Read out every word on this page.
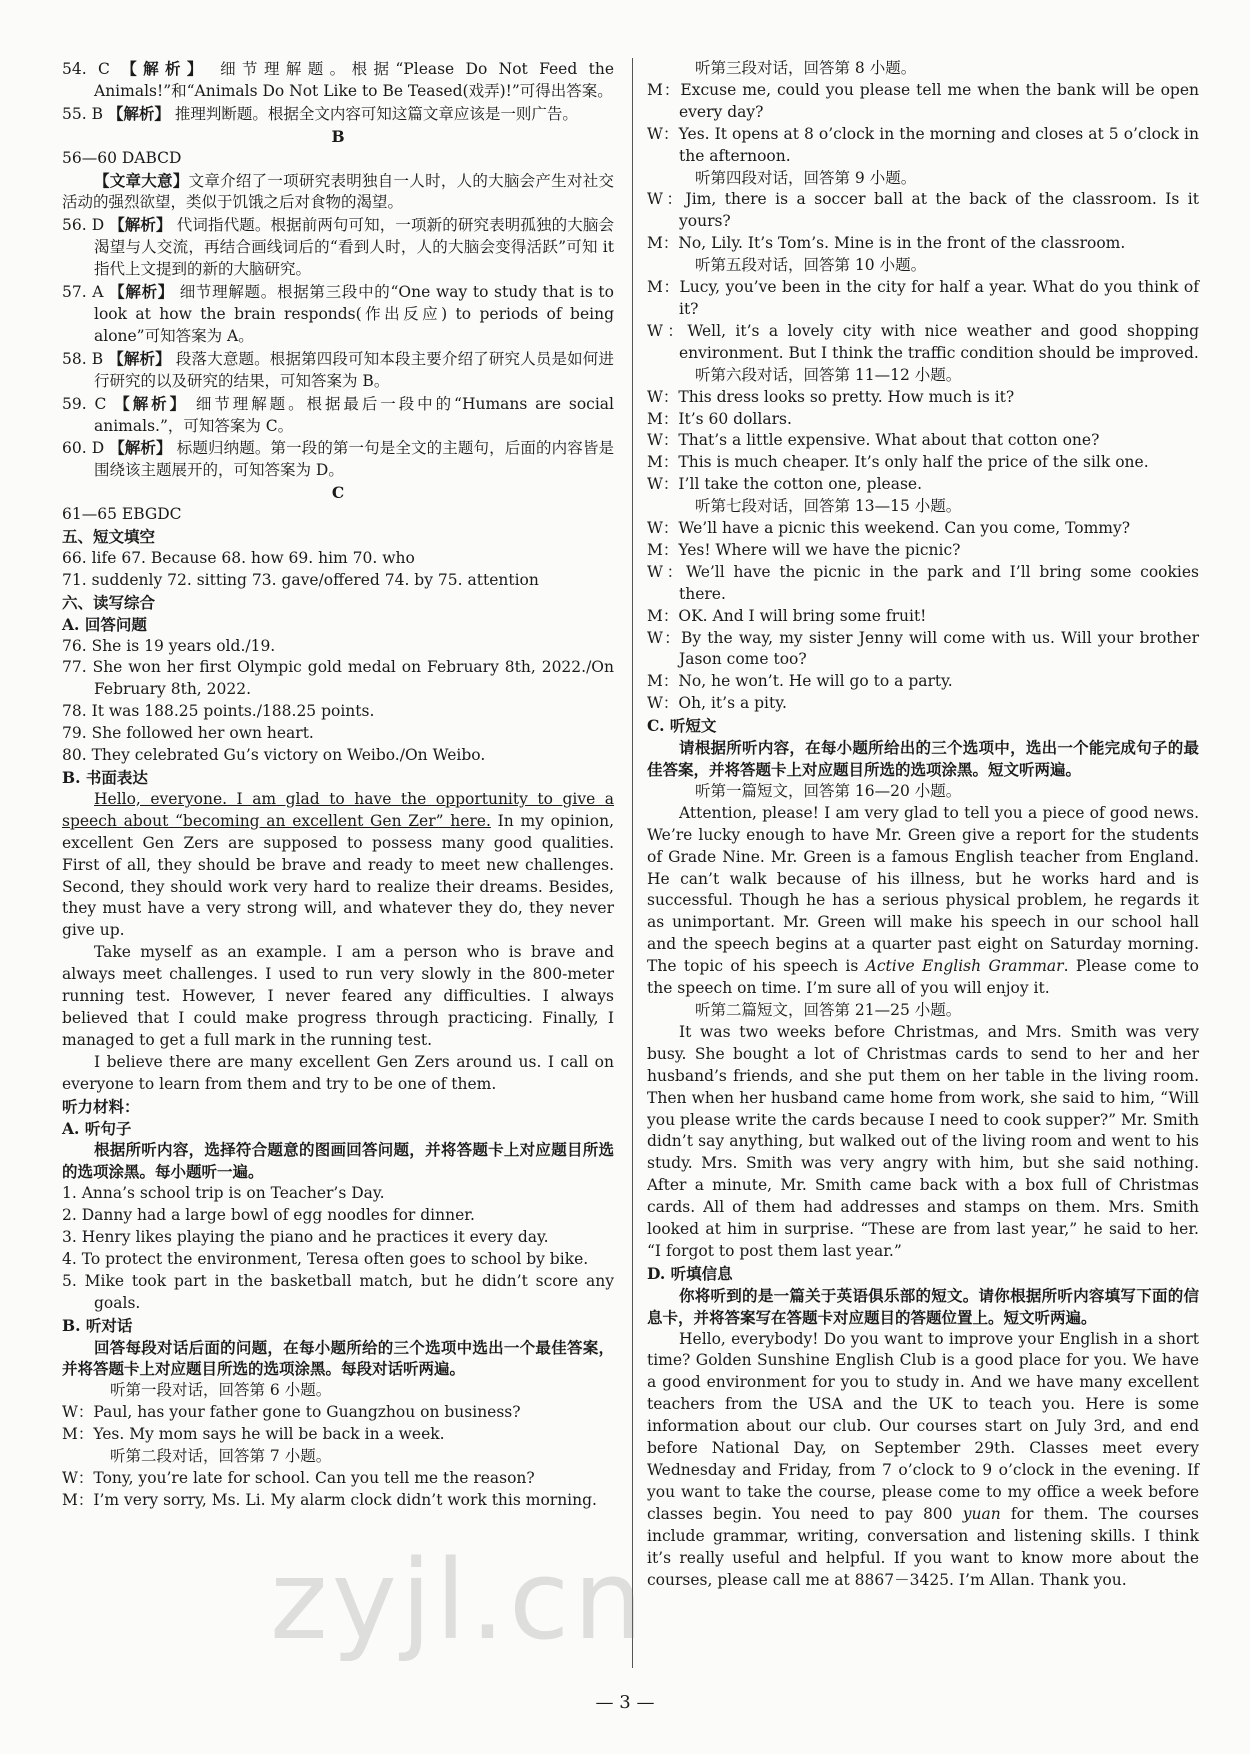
54. C 【解析】 细节理解题。根据“Please Do Not Feed the Animals!”和“Animals Do Not Like to Be Teased(戏弄)!”可得出答案。
55. B 【解析】 推理判断题。根据全文内容可知这篇文章应该是一则广告。
B
56—60 DABCD
【文章大意】文章介绍了一项研究表明独自一人时，人的大脑会产生对社交活动的强烈欲望，类似于饥饿之后对食物的渴望。
56. D 【解析】 代词指代题。根据前两句可知，一项新的研究表明孤独的大脑会渴望与人交流，再结合画线词后的“看到人时，人的大脑会变得活跃”可知 it 指代上文提到的新的大脑研究。
57. A 【解析】 细节理解题。根据第三段中的“One way to study that is to look at how the brain responds(作出反应) to periods of being alone”可知答案为 A。
58. B 【解析】 段落大意题。根据第四段可知本段主要介绍了研究人员是如何进行研究的以及研究的结果，可知答案为 B。
59. C 【解析】 细节理解题。根据最后一段中的“Humans are social animals.”，可知答案为 C。
60. D 【解析】 标题归纳题。第一段的第一句是全文的主题句，后面的内容皆是围绕该主题展开的，可知答案为 D。
C
61—65 EBGDC
五、短文填空
66. life 67. Because 68. how 69. him 70. who
71. suddenly 72. sitting 73. gave/offered 74. by 75. attention
六、读写综合
A. 回答问题
76. She is 19 years old./19.
77. She won her first Olympic gold medal on February 8th, 2022./On February 8th, 2022.
78. It was 188.25 points./188.25 points.
79. She followed her own heart.
80. They celebrated Gu’s victory on Weibo./On Weibo.
B. 书面表达
Hello, everyone. I am glad to have the opportunity to give a speech about “becoming an excellent Gen Zer” here. In my opinion, excellent Gen Zers are supposed to possess many good qualities. First of all, they should be brave and ready to meet new challenges. Second, they should work very hard to realize their dreams. Besides, they must have a very strong will, and whatever they do, they never give up.
Take myself as an example. I am a person who is brave and always meet challenges. I used to run very slowly in the 800-meter running test. However, I never feared any difficulties. I always believed that I could make progress through practicing. Finally, I managed to get a full mark in the running test.
I believe there are many excellent Gen Zers around us. I call on everyone to learn from them and try to be one of them.
听力材料：
A. 听句子
根据所听内容，选择符合题意的图画回答问题，并将答题卡上对应题目所选的选项涂黑。每小题听一遍。
1. Anna’s school trip is on Teacher’s Day.
2. Danny had a large bowl of egg noodles for dinner.
3. Henry likes playing the piano and he practices it every day.
4. To protect the environment, Teresa often goes to school by bike.
5. Mike took part in the basketball match, but he didn’t score any goals.
B. 听对话
回答每段对话后面的问题，在每小题所给的三个选项中选出一个最佳答案，并将答题卡上对应题目所选的选项涂黑。每段对话听两遍。
听第一段对话，回答第 6 小题。
W：Paul, has your father gone to Guangzhou on business?
M：Yes. My mom says he will be back in a week.
听第二段对话，回答第 7 小题。
W：Tony, you’re late for school. Can you tell me the reason?
M：I’m very sorry, Ms. Li. My alarm clock didn’t work this morning.
听第三段对话，回答第 8 小题。
M：Excuse me, could you please tell me when the bank will be open every day?
W：Yes. It opens at 8 o’clock in the morning and closes at 5 o’clock in the afternoon.
听第四段对话，回答第 9 小题。
W：Jim, there is a soccer ball at the back of the classroom. Is it yours?
M：No, Lily. It’s Tom’s. Mine is in the front of the classroom.
听第五段对话，回答第 10 小题。
M：Lucy, you’ve been in the city for half a year. What do you think of it?
W：Well, it’s a lovely city with nice weather and good shopping environment. But I think the traffic condition should be improved.
听第六段对话，回答第 11—12 小题。
W：This dress looks so pretty. How much is it?
M：It’s 60 dollars.
W：That’s a little expensive. What about that cotton one?
M：This is much cheaper. It’s only half the price of the silk one.
W：I’ll take the cotton one, please.
听第七段对话，回答第 13—15 小题。
W：We’ll have a picnic this weekend. Can you come, Tommy?
M：Yes! Where will we have the picnic?
W：We’ll have the picnic in the park and I’ll bring some cookies there.
M：OK. And I will bring some fruit!
W：By the way, my sister Jenny will come with us. Will your brother Jason come too?
M：No, he won’t. He will go to a party.
W：Oh, it’s a pity.
C. 听短文
请根据所听内容，在每小题所给出的三个选项中，选出一个能完成句子的最佳答案，并将答题卡上对应题目所选的选项涂黑。短文听两遍。
听第一篇短文，回答第 16—20 小题。
Attention, please! I am very glad to tell you a piece of good news. We’re lucky enough to have Mr. Green give a report for the students of Grade Nine. Mr. Green is a famous English teacher from England. He can’t walk because of his illness, but he works hard and is successful. Though he has a serious physical problem, he regards it as unimportant. Mr. Green will make his speech in our school hall and the speech begins at a quarter past eight on Saturday morning. The topic of his speech is Active English Grammar. Please come to the speech on time. I’m sure all of you will enjoy it.
听第二篇短文，回答第 21—25 小题。
It was two weeks before Christmas, and Mrs. Smith was very busy. She bought a lot of Christmas cards to send to her and her husband’s friends, and she put them on her table in the living room. Then when her husband came home from work, she said to him, “Will you please write the cards because I need to cook supper?” Mr. Smith didn’t say anything, but walked out of the living room and went to his study. Mrs. Smith was very angry with him, but she said nothing. After a minute, Mr. Smith came back with a box full of Christmas cards. All of them had addresses and stamps on them. Mrs. Smith looked at him in surprise. “These are from last year,” he said to her. “I forgot to post them last year.”
D. 听填信息
你将听到的是一篇关于英语俱乐部的短文。请你根据所听内容填写下面的信息卡，并将答案写在答题卡对应题目的答题位置上。短文听两遍。
Hello, everybody! Do you want to improve your English in a short time? Golden Sunshine English Club is a good place for you. We have a good environment for you to study in. And we have many excellent teachers from the USA and the UK to teach you. Here is some information about our club. Our courses start on July 3rd, and end before National Day, on September 29th. Classes meet every Wednesday and Friday, from 7 o’clock to 9 o’clock in the evening. If you want to take the course, please come to my office a week before classes begin. You need to pay 800 yuan for them. The courses include grammar, writing, conversation and listening skills. I think it’s really useful and helpful. If you want to know more about the courses, please call me at 8867－3425. I’m Allan. Thank you.
— 3 —
zyjl.cn
